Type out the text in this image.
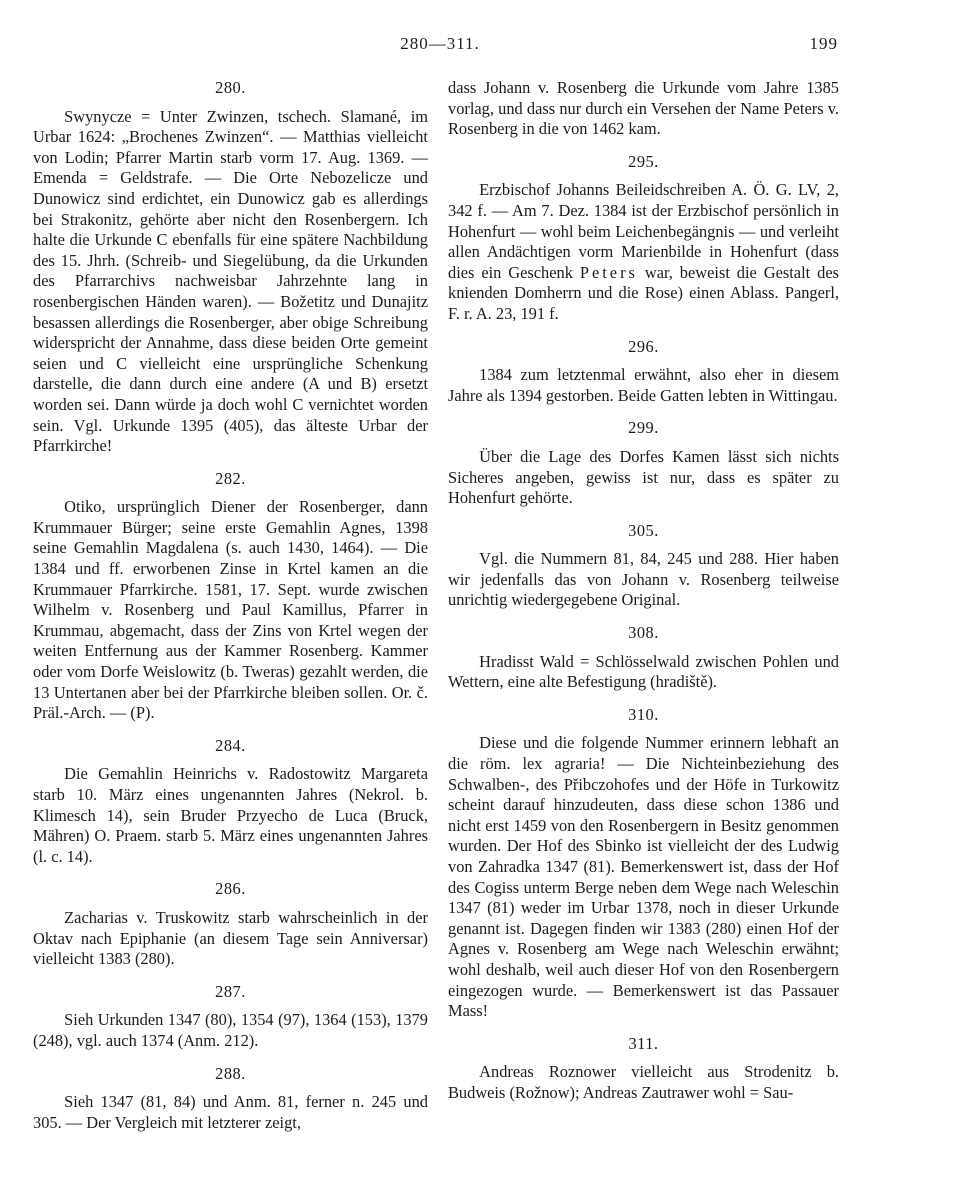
280—311.	199

280.

Swynycze = Unter Zwinzen, tschech. Slamané, im Urbar 1624: „Brochenes Zwinzen“. — Matthias vielleicht von Lodin; Pfarrer Martin starb vorm 17. Aug. 1369. — Emenda = Geldstrafe. — Die Orte Nebozelicze und Dunowicz sind erdichtet, ein Dunowicz gab es allerdings bei Strakonitz, gehörte aber nicht den Rosenbergern. Ich halte die Urkunde C ebenfalls für eine spätere Nachbildung des 15. Jhrh. (Schreib- und Siegelübung, da die Urkunden des Pfarrarchivs nachweisbar Jahrzehnte lang in rosenbergischen Händen waren). — Božetitz und Dunajitz besassen allerdings die Rosenberger, aber obige Schreibung widerspricht der Annahme, dass diese beiden Orte gemeint seien und C vielleicht eine ursprüngliche Schenkung darstelle, die dann durch eine andere (A und B) ersetzt worden sei. Dann würde ja doch wohl C vernichtet worden sein. Vgl. Urkunde 1395 (405), das älteste Urbar der Pfarrkirche!

282.

Otiko, ursprünglich Diener der Rosenberger, dann Krummauer Bürger; seine erste Gemahlin Agnes, 1398 seine Gemahlin Magdalena (s. auch 1430, 1464). — Die 1384 und ff. erworbenen Zinse in Krtel kamen an die Krummauer Pfarrkirche. 1581, 17. Sept. wurde zwischen Wilhelm v. Rosenberg und Paul Kamillus, Pfarrer in Krummau, abgemacht, dass der Zins von Krtel wegen der weiten Entfernung aus der Kammer Rosenberg. Kammer oder vom Dorfe Weislowitz (b. Tweras) gezahlt werden, die 13 Untertanen aber bei der Pfarrkirche bleiben sollen. Or. č. Präl.-Arch. — (P).

284.

Die Gemahlin Heinrichs v. Radostowitz Margareta starb 10. März eines ungenannten Jahres (Nekrol. b. Klimesch 14), sein Bruder Przyecho de Luca (Bruck, Mähren) O. Praem. starb 5. März eines ungenannten Jahres (l. c. 14).

286.

Zacharias v. Truskowitz starb wahrscheinlich in der Oktav nach Epiphanie (an diesem Tage sein Anniversar) vielleicht 1383 (280).

287.

Sieh Urkunden 1347 (80), 1354 (97), 1364 (153), 1379 (248), vgl. auch 1374 (Anm. 212).

288.

Sieh 1347 (81, 84) und Anm. 81, ferner n. 245 und 305. — Der Vergleich mit letzterer zeigt,

dass Johann v. Rosenberg die Urkunde vom Jahre 1385 vorlag, und dass nur durch ein Versehen der Name Peters v. Rosenberg in die von 1462 kam.

295.

Erzbischof Johanns Beileidschreiben A. Ö. G. LV, 2, 342 f. — Am 7. Dez. 1384 ist der Erzbischof persönlich in Hohenfurt — wohl beim Leichenbegängnis — und verleiht allen Andächtigen vorm Marienbilde in Hohenfurt (dass dies ein Geschenk Peters war, beweist die Gestalt des knienden Domherrn und die Rose) einen Ablass. Pangerl, F. r. A. 23, 191 f.

296.

1384 zum letztenmal erwähnt, also eher in diesem Jahre als 1394 gestorben. Beide Gatten lebten in Wittingau.

299.

Über die Lage des Dorfes Kamen lässt sich nichts Sicheres angeben, gewiss ist nur, dass es später zu Hohenfurt gehörte.

305.

Vgl. die Nummern 81, 84, 245 und 288. Hier haben wir jedenfalls das von Johann v. Rosenberg teilweise unrichtig wiedergegebene Original.

308.

Hradisst Wald = Schlösselwald zwischen Pohlen und Wettern, eine alte Befestigung (hradiště).

310.

Diese und die folgende Nummer erinnern lebhaft an die röm. lex agraria! — Die Nichteinbeziehung des Schwalben-, des Přibczohofes und der Höfe in Turkowitz scheint darauf hinzudeuten, dass diese schon 1386 und nicht erst 1459 von den Rosenbergern in Besitz genommen wurden. Der Hof des Sbinko ist vielleicht der des Ludwig von Zahradka 1347 (81). Bemerkenswert ist, dass der Hof des Cogiss unterm Berge neben dem Wege nach Weleschin 1347 (81) weder im Urbar 1378, noch in dieser Urkunde genannt ist. Dagegen finden wir 1383 (280) einen Hof der Agnes v. Rosenberg am Wege nach Weleschin erwähnt; wohl deshalb, weil auch dieser Hof von den Rosenbergern eingezogen wurde. — Bemerkenswert ist das Passauer Mass!

311.

Andreas Roznower vielleicht aus Strodenitz b. Budweis (Rožnow); Andreas Zautrawer wohl = Sau-
